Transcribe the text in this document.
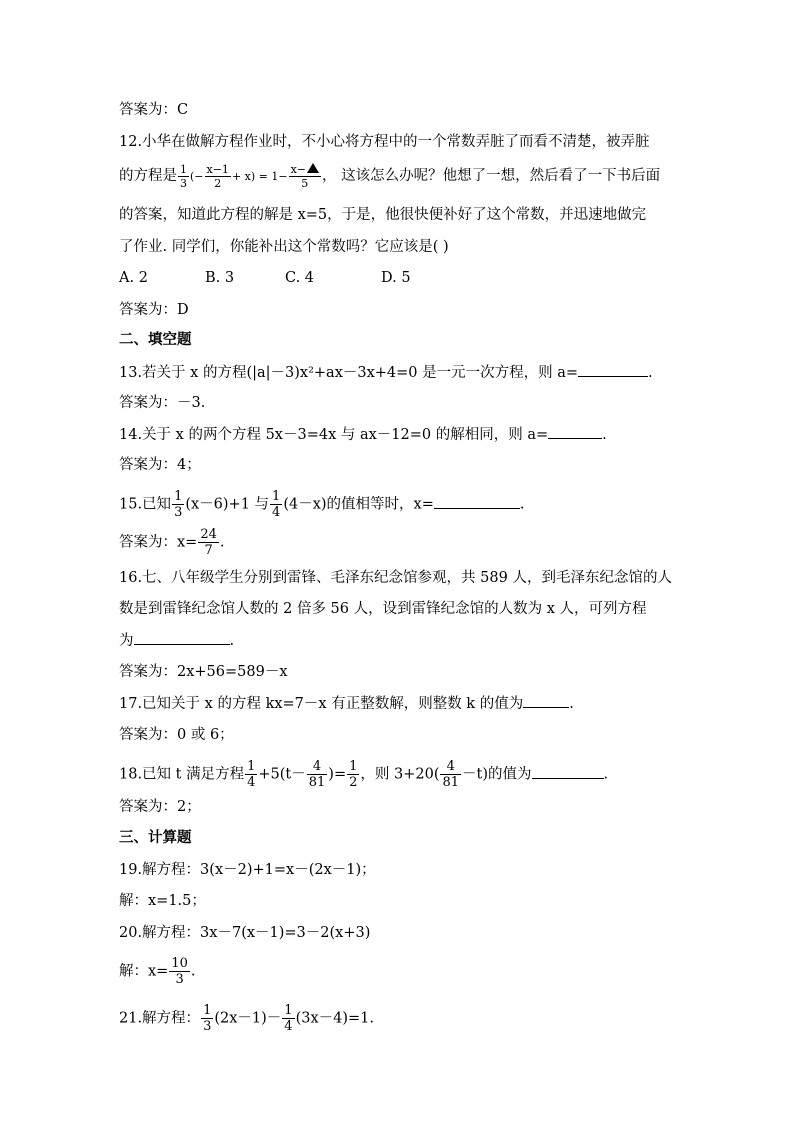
答案为：C
12.小华在做解方程作业时，不小心将方程中的一个常数弄脏了而看不清楚，被弄脏
的方程是 $\frac{1}{3}$ (− $\frac{x-1}{2} + x) = 1- \frac{x-}{5}$ ， 这该怎么办呢？他想了一想，然后看了一下书后面
的答案，知道此方程的解是 x=5，于是，他很快便补好了这个常数，并迅速地做完
了作业. 同学们，你能补出这个常数吗？它应该是( )
A. 2	B. 3	C. 4	D. 5
答案为：D
二、填空题
13.若关于 x 的方程(|a|－3)x²+ax－3x+4=0 是一元一次方程，则 a=	.
答案为：－3.
14.关于 x 的两个方程 5x－3=4x 与 ax－12=0 的解相同，则 a=	.
答案为：4；
15.已知 $\frac{1}{3} (x-6)+1$ 与 $\frac{1}{4} (4-x)$的值相等时，x=	.
答案为：$x= \frac{24}{7}$ .
16.七、八年级学生分别到雷锋、毛泽东纪念馆参观，共 589 人，到毛泽东纪念馆的人
数是到雷锋纪念馆人数的 2 倍多 56 人，设到雷锋纪念馆的人数为 x 人，可列方程
为	.
答案为：2x+56=589－x
17.已知关于 x 的方程 kx=7－x 有正整数解，则整数 k 的值为	.
答案为：0 或 6；
18.已知 t 满足方程 $\frac{1}{4} +5(t- \frac{4}{81}$ )= $\frac{1}{2}$ ，则 $3+20( \frac{4}{81} -t)$的值为	.
答案为：2；
三、计算题
19.解方程：3(x－2)+1=x－(2x－1)；
解：x=1.5；
20.解方程：3x－7(x－1)=3－2(x+3)
解：$x= \frac{10}{3}$ .
21.解方程： $\frac{1}{3} (2x-1)- \frac{1}{4} (3x-4)=1$.
